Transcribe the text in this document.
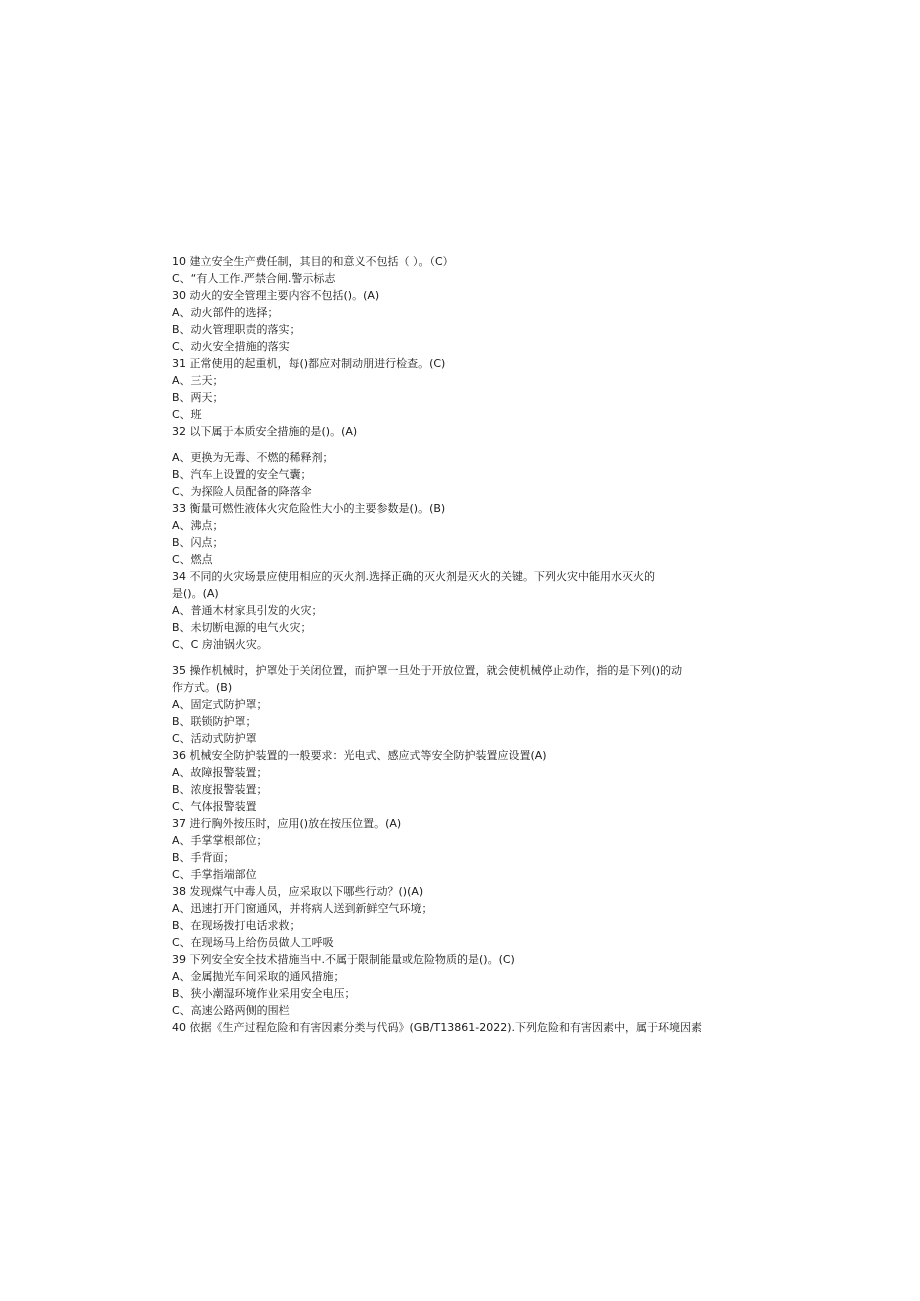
10 建立安全生产费任制，其目的和意义不包括（ ）。（C）
C、“有人工作.严禁合闸.警示标志
30 动火的安全管理主要内容不包括()。(A)
A、动火部件的选择；
B、动火管理职责的落实；
C、动火安全措施的落实
31 正常使用的起重机，每()都应对制动朋进行检查。(C)
A、三天；
B、两天；
C、班
32 以下属于本质安全措施的是()。(A)
A、更换为无毒、不燃的稀释剂；
B、汽车上设置的安全气囊；
C、为探险人员配备的降落伞
33 衡量可燃性液体火灾危险性大小的主要参数是()。(B)
A、沸点；
B、闪点；
C、燃点
34 不同的火灾场景应使用相应的灭火剂.选择正确的灭火剂是灭火的关键。下列火灾中能用水灭火的
是()。(A)
A、普通木材家具引发的火灾；
B、未切断电源的电气火灾；
C、C 房油锅火灾。
35 操作机械时，护罩处于关闭位置，而护罩一旦处于开放位置，就会使机械停止动作，指的是下列()的动
作方式。(B)
A、固定式防护罩；
B、联锁防护罩；
C、活动式防护罩
36 机械安全防护装置的一般要求：光电式、感应式等安全防护装置应设置(A)
A、故障报警装置；
B、浓度报警装置；
C、气体报警装置
37 进行胸外按压时，应用()放在按压位置。(A)
A、手掌掌根部位；
B、手背面；
C、手掌指端部位
38 发现煤气中毒人员，应采取以下哪些行动？()(A)
A、迅速打开门窗通风，并将病人送到新鲜空气环境；
B、在现场拨打电话求救；
C、在现场马上给伤员做人工呼吸
39 下列安全安全技术措施当中.不属于限制能量或危险物质的是()。(C)
A、金属抛光车间采取的通风措施；
B、狭小潮湿环境作业采用安全电压；
C、高速公路两侧的围栏
40 依据《生产过程危险和有害因素分类与代码》(GB/T13861-2022).下列危险和有害因素中，属于环境因素
